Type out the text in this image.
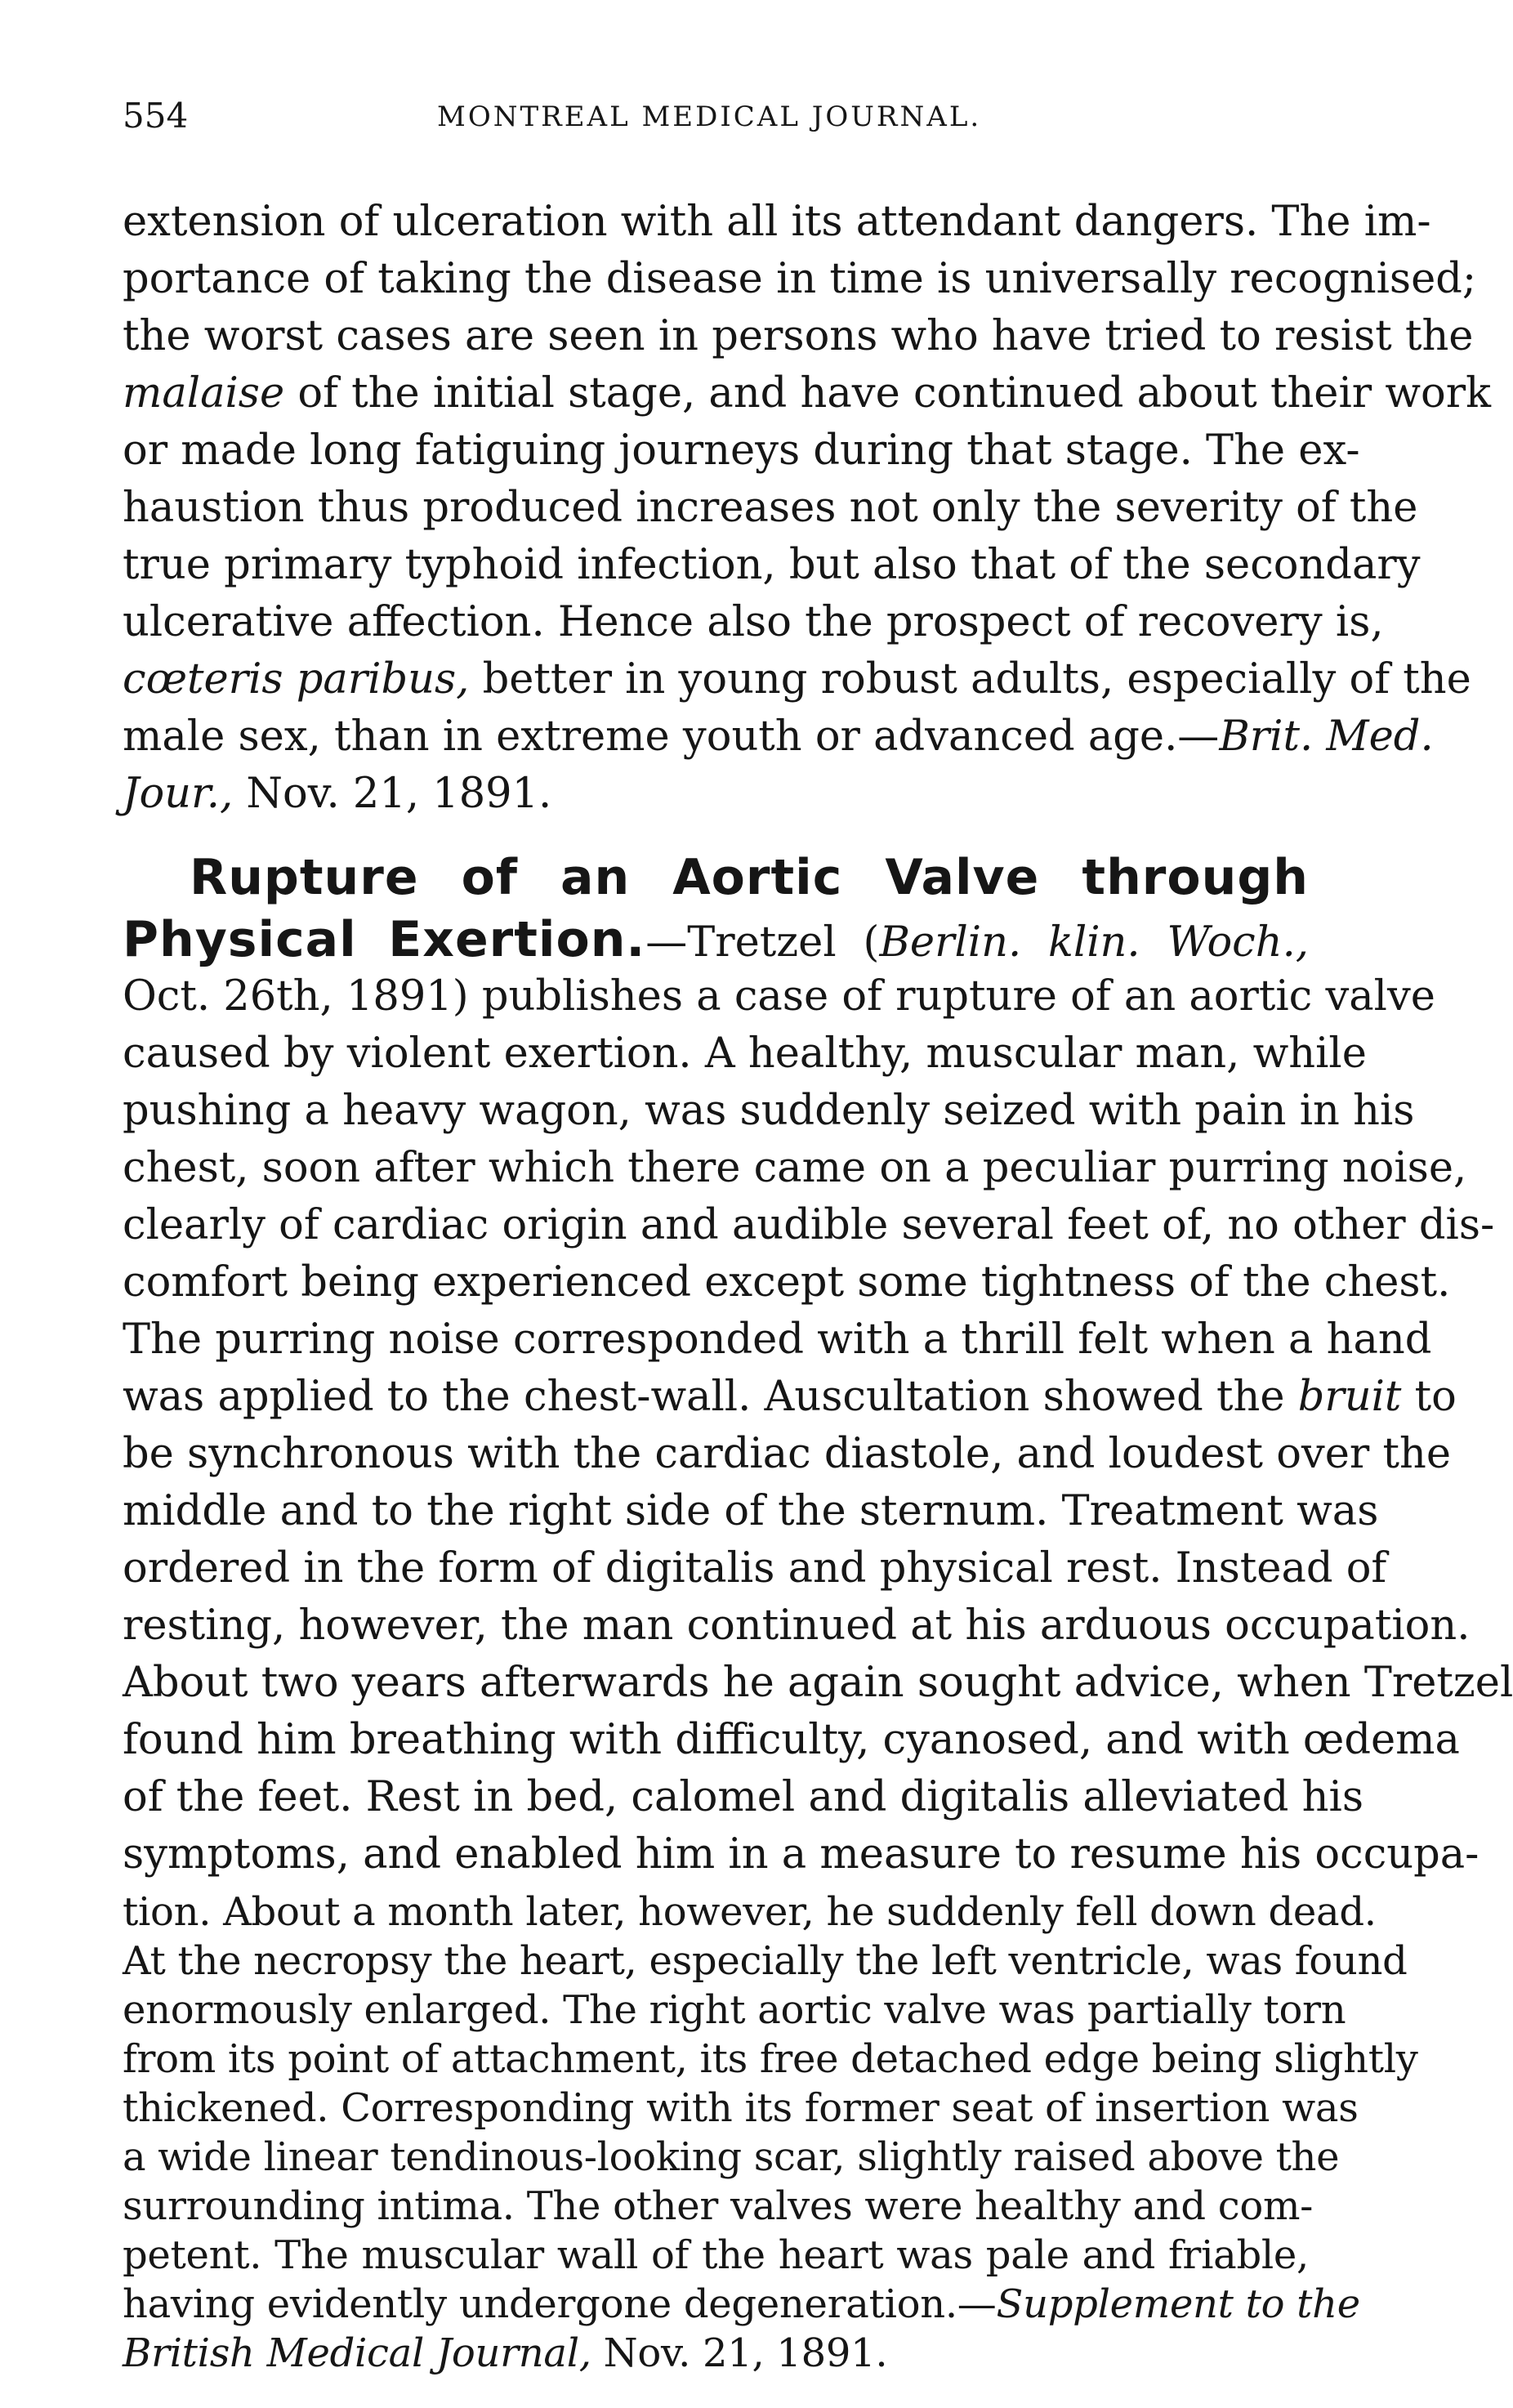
554	MONTREAL MEDICAL JOURNAL.
extension of ulceration with all its attendant dangers. The im-
portance of taking the disease in time is universally recognised;
the worst cases are seen in persons who have tried to resist the
malaise of the initial stage, and have continued about their work
or made long fatiguing journeys during that stage. The ex-
haustion thus produced increases not only the severity of the
true primary typhoid infection, but also that of the secondary
ulcerative affection. Hence also the prospect of recovery is,
cœteris paribus, better in young robust adults, especially of the
male sex, than in extreme youth or advanced age.—Brit. Med.
Jour., Nov. 21, 1891.
Rupture of an Aortic Valve through
Physical Exertion.—Tretzel (Berlin. klin. Woch.,
Oct. 26th, 1891) publishes a case of rupture of an aortic valve
caused by violent exertion. A healthy, muscular man, while
pushing a heavy wagon, was suddenly seized with pain in his
chest, soon after which there came on a peculiar purring noise,
clearly of cardiac origin and audible several feet of, no other dis-
comfort being experienced except some tightness of the chest.
The purring noise corresponded with a thrill felt when a hand
was applied to the chest-wall. Auscultation showed the bruit to
be synchronous with the cardiac diastole, and loudest over the
middle and to the right side of the sternum. Treatment was
ordered in the form of digitalis and physical rest. Instead of
resting, however, the man continued at his arduous occupation.
About two years afterwards he again sought advice, when Tretzel
found him breathing with difficulty, cyanosed, and with œdema
of the feet. Rest in bed, calomel and digitalis alleviated his
symptoms, and enabled him in a measure to resume his occupa-
tion. About a month later, however, he suddenly fell down dead.
At the necropsy the heart, especially the left ventricle, was found
enormously enlarged. The right aortic valve was partially torn
from its point of attachment, its free detached edge being slightly
thickened. Corresponding with its former seat of insertion was
a wide linear tendinous-looking scar, slightly raised above the
surrounding intima. The other valves were healthy and com-
petent. The muscular wall of the heart was pale and friable,
having evidently undergone degeneration.—Supplement to the
British Medical Journal, Nov. 21, 1891.
